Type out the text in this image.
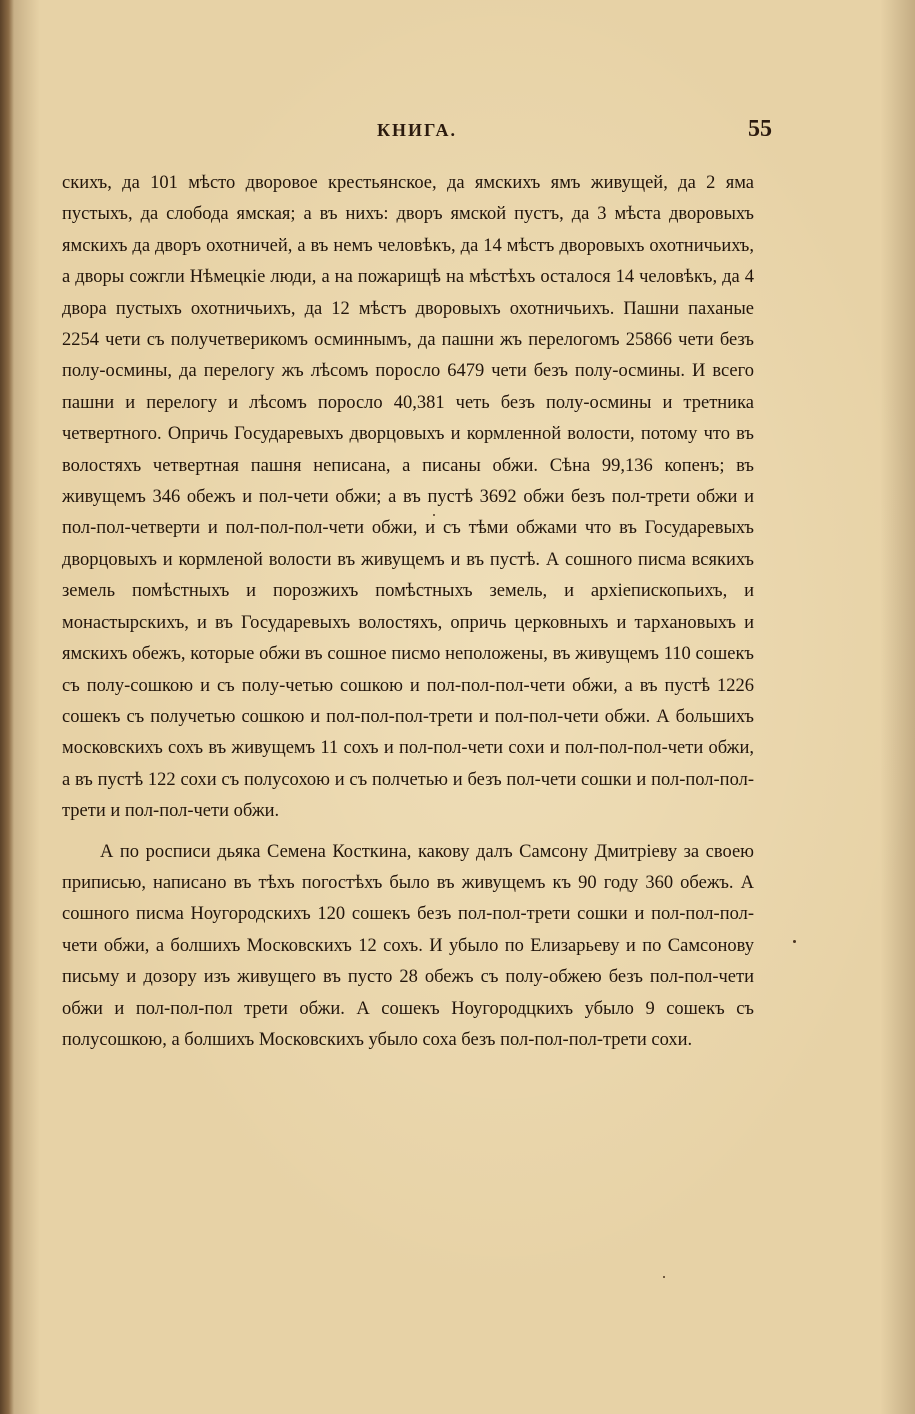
КНИГА.	55

скихъ, да 101 мѣсто дворовое крестьянское, да ямскихъ ямъ живущей, да 2 яма пустыхъ, да слобода ямская; а въ нихъ: дворъ ямской пустъ, да 3 мѣста дворовыхъ ямскихъ да дворъ охотничей, а въ немъ человѣкъ, да 14 мѣстъ дворовыхъ охотничьихъ, а дворы сожгли Нѣмецкіе люди, а на пожарищѣ на мѣстѣхъ осталося 14 человѣкъ, да 4 двора пустыхъ охотничьихъ, да 12 мѣстъ дворовыхъ охотничьихъ. Пашни паханые 2254 чети съ получетверикомъ осминнымъ, да пашни жъ перелогомъ 25866 чети безъ полу-осмины, да перелогу жъ лѣсомъ поросло 6479 чети безъ полу-осмины. И всего пашни и перелогу и лѣсомъ поросло 40,381 четь безъ полу-осмины и третника четвертного. Опричь Государевыхъ дворцовыхъ и кормленной волости, потому что въ волостяхъ четвертная пашня неписана, а писаны обжи. Сѣна 99,136 копенъ; въ живущемъ 346 обежъ и пол-чети обжи; а въ пустѣ 3692 обжи безъ пол-трети обжи и пол-пол-четверти и пол-пол-пол-чети обжи, и съ тѣми обжами что въ Государевыхъ дворцовыхъ и кормленой волости въ живущемъ и въ пустѣ. А сошного писма всякихъ земель помѣстныхъ и порозжихъ помѣстныхъ земель, и архіепископьихъ, и монастырскихъ, и въ Государевыхъ волостяхъ, опричь церковныхъ и тархановыхъ и ямскихъ обежъ, которые обжи въ сошное писмо неположены, въ живущемъ 110 сошекъ съ полу-сошкою и съ полу-четью сошкою и пол-пол-пол-чети обжи, а въ пустѣ 1226 сошекъ съ получетью сошкою и пол-пол-пол-трети и пол-пол-чети обжи. А большихъ московскихъ сохъ въ живущемъ 11 сохъ и пол-пол-чети сохи и пол-пол-пол-чети обжи, а въ пустѣ 122 сохи съ полусохою и съ полчетью и безъ пол-чети сошки и пол-пол-пол-трети и пол-пол-чети обжи.

А по росписи дьяка Семена Косткина, какову далъ Самсону Дмитріеву за своею приписью, написано въ тѣхъ погостѣхъ было въ живущемъ къ 90 году 360 обежъ. А сошного писма Ноугородскихъ 120 сошекъ безъ пол-пол-трети сошки и пол-пол-пол-чети обжи, а болшихъ Московскихъ 12 сохъ. И убыло по Елизарьеву и по Самсонову письму и дозору изъ живущего въ пусто 28 обежъ съ полу-обжею безъ пол-пол-чети обжи и пол-пол-пол трети обжи. А сошекъ Ноугородцкихъ убыло 9 сошекъ съ полусошкою, а болшихъ Московскихъ убыло соха безъ пол-пол-пол-трети сохи.
